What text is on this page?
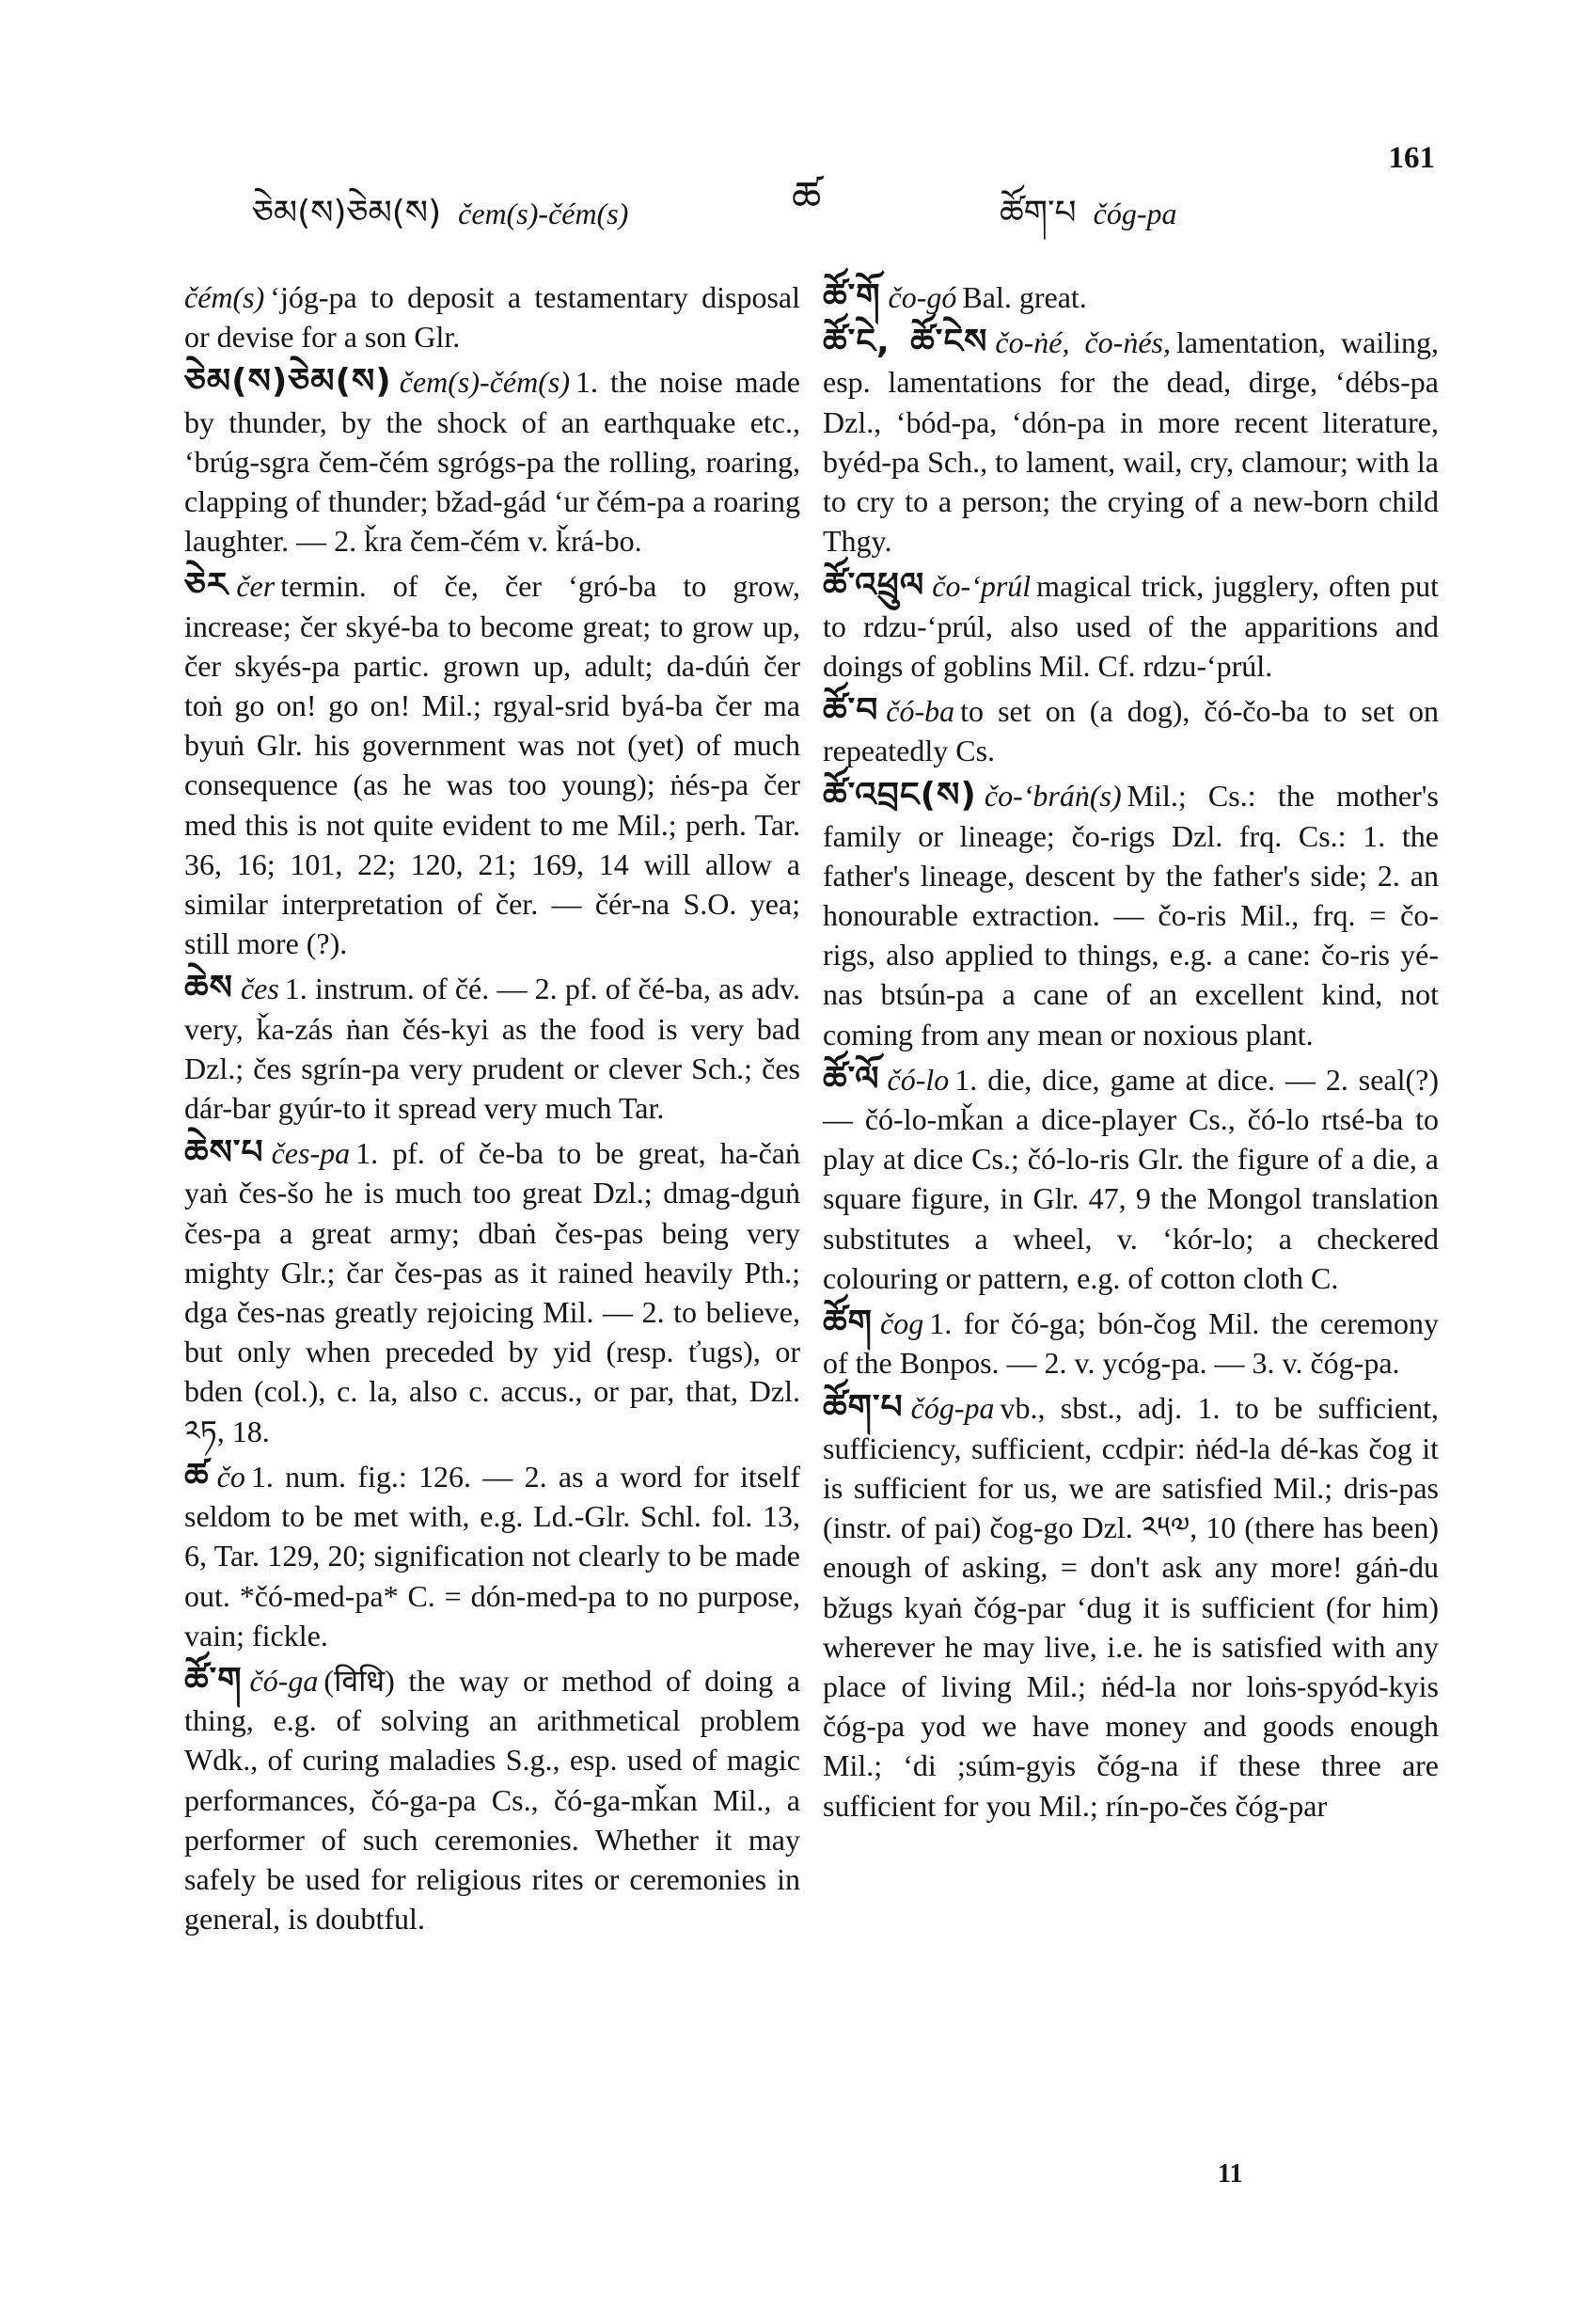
ཅེམ(ས)ཅེམ(ས) čem(s)-čém(s)	ཚ	ཚོག་པ čóg-pa
161

čém(s) ʻjóg-pa to deposit a testamentary disposal or devise for a son Glr.

ཅེམ(ས)ཅེམ(ས) čem(s)-čém(s) 1. the noise made by thunder, by the shock of an earthquake etc., ʻbrúg-sgra čem-čém sgrógs-pa the rolling, roaring, clapping of thunder; bžad-gád ʻur čém-pa a roaring laughter. — 2. ǩra čem-čém v. ǩrá-bo.

ཅེར čer termin. of če, čer ʻgró-ba to grow, increase; čer skyé-ba to become great; to grow up, čer skyés-pa partic. grown up, adult; da-dúṅ čer toṅ go on! go on! Mil.; rgyal-srid byá-ba čer ma byuṅ Glr. his government was not (yet) of much consequence (as he was too young); ṅés-pa čer med this is not quite evident to me Mil.; perh. Tar. 36, 16; 101, 22; 120, 21; 169, 14 will allow a similar interpretation of čer. — čér-na S.O. yea; still more (?).

ཆེས čes 1. instrum. of čé. — 2. pf. of čé-ba, as adv. very, ǩa-zás ṅan čés-kyi as the food is very bad Dzl.; čes sgrín-pa very prudent or clever Sch.; čes dár-bar gyúr-to it spread very much Tar.

ཆེས་པ čes-pa 1. pf. of če-ba to be great, ha-čaṅ yaṅ čes-šo he is much too great Dzl.; dmag-dguṅ čes-pa a great army; dbaṅ čes-pas being very mighty Glr.; čar čes-pas as it rained heavily Pth.; dga čes-nas greatly rejoicing Mil. — 2. to believe, but only when preceded by yid (resp. ťugs), or bden (col.), c. la, also c. accus., or par, that, Dzl. ༢ཏ, 18.

ཚ čo 1. num. fig.: 126. — 2. as a word for itself seldom to be met with, e.g. Ld.-Glr. Schl. fol. 13, 6, Tar. 129, 20; signification not clearly to be made out. *čó-med-pa* C. = dón-med-pa to no purpose, vain; fickle.

ཚོ་ག čó-ga (विधि) the way or method of doing a thing, e.g. of solving an arithmetical problem Wdk., of curing maladies S.g., esp. used of magic performances, čó-ga-pa Cs., čó-ga-mǩan Mil., a performer of such ceremonies. Whether it may safely be used for religious rites or ceremonies in general, is doubtful.

ཚོ་གོ čo-gó Bal. great.

ཚོ་ངེ, ཚོ་ངེས čo-ṅé, čo-ṅés, lamentation, wailing, esp. lamentations for the dead, dirge, ʻdébs-pa Dzl., ʻbód-pa, ʻdón-pa in more recent literature, byéd-pa Sch., to lament, wail, cry, clamour; with la to cry to a person; the crying of a new-born child Thgy.

ཚོ་འཕྲུལ čo-ʻprúl magical trick, jugglery, often put to rdzu-ʻprúl, also used of the apparitions and doings of goblins Mil. Cf. rdzu-ʻprúl.

ཚོ་བ čó-ba to set on (a dog), čó-čo-ba to set on repeatedly Cs.

ཚོ་འབྲང(ས) čo-ʻbráṅ(s) Mil.; Cs.: the mother's family or lineage; čo-rigs Dzl. frq. Cs.: 1. the father's lineage, descent by the father's side; 2. an honourable extraction. — čo-ris Mil., frq. = čo-rigs, also applied to things, e.g. a cane: čo-ris yé-nas btsún-pa a cane of an excellent kind, not coming from any mean or noxious plant.

ཚོ་ལོ čó-lo 1. die, dice, game at dice. — 2. seal(?) — čó-lo-mǩan a dice-player Cs., čó-lo rtsé-ba to play at dice Cs.; čó-lo-ris Glr. the figure of a die, a square figure, in Glr. 47, 9 the Mongol translation substitutes a wheel, v. ʻkór-lo; a checkered colouring or pattern, e.g. of cotton cloth C.

ཚོག čog 1. for čó-ga; bón-čog Mil. the ceremony of the Bonpos. — 2. v. ycóg-pa. — 3. v. čóg-pa.

ཚོག་པ čóg-pa vb., sbst., adj. 1. to be sufficient, sufficiency, sufficient, ccdpir: ṅéd-la dé-kas čog it is sufficient for us, we are satisfied Mil.; dris-pas (instr. of pai) čog-go Dzl. ༢༥༧, 10 (there has been) enough of asking, = don't ask any more! gáṅ-du bžugs kyaṅ čóg-par ʻdug it is sufficient (for him) wherever he may live, i.e. he is satisfied with any place of living Mil.; ṅéd-la nor loṅs-spyód-kyis čóg-pa yod we have money and goods enough Mil.; ʻdi ;súm-gyis čóg-na if these three are sufficient for you Mil.; rín-po-čes čóg-par

11
